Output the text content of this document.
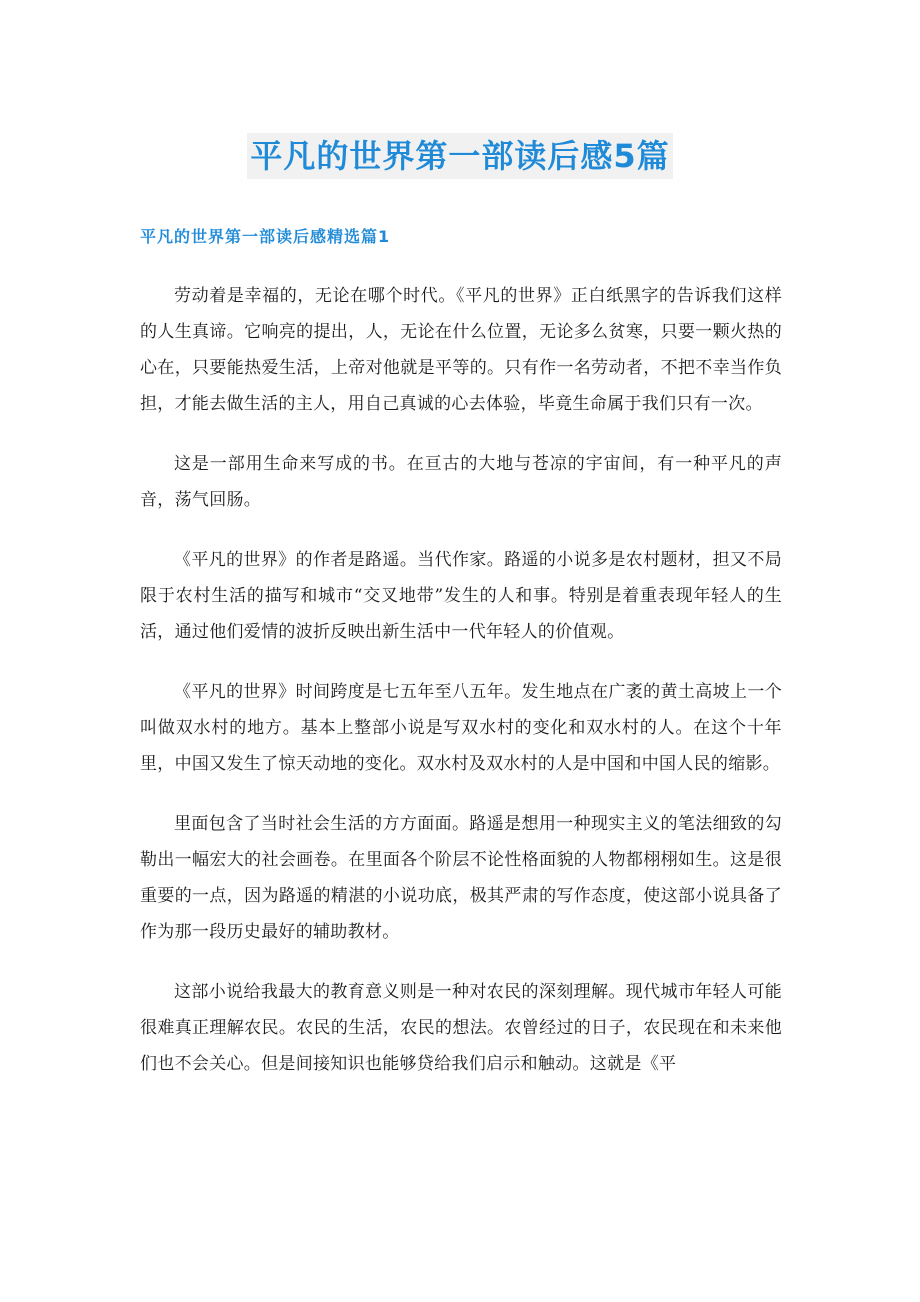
平凡的世界第一部读后感5篇
平凡的世界第一部读后感精选篇1

劳动着是幸福的，无论在哪个时代。《平凡的世界》正白纸黑字的告诉我们这样的人生真谛。它响亮的提出，人，无论在什么位置，无论多么贫寒，只要一颗火热的心在，只要能热爱生活，上帝对他就是平等的。只有作一名劳动者，不把不幸当作负担，才能去做生活的主人，用自己真诚的心去体验，毕竟生命属于我们只有一次。

这是一部用生命来写成的书。在亘古的大地与苍凉的宇宙间，有一种平凡的声音，荡气回肠。

《平凡的世界》的作者是路遥。当代作家。路遥的小说多是农村题材，担又不局限于农村生活的描写和城市“交叉地带”发生的人和事。特别是着重表现年轻人的生活，通过他们爱情的波折反映出新生活中一代年轻人的价值观。

《平凡的世界》时间跨度是七五年至八五年。发生地点在广袤的黄土高坡上一个叫做双水村的地方。基本上整部小说是写双水村的变化和双水村的人。在这个十年里，中国又发生了惊天动地的变化。双水村及双水村的人是中国和中国人民的缩影。

里面包含了当时社会生活的方方面面。路遥是想用一种现实主义的笔法细致的勾勒出一幅宏大的社会画卷。在里面各个阶层不论性格面貌的人物都栩栩如生。这是很重要的一点，因为路遥的精湛的小说功底，极其严肃的写作态度，使这部小说具备了作为那一段历史最好的辅助教材。

这部小说给我最大的教育意义则是一种对农民的深刻理解。现代城市年轻人可能很难真正理解农民。农民的生活，农民的想法。农曾经过的日子，农民现在和未来他们也不会关心。但是间接知识也能够贷给我们启示和触动。这就是《平
